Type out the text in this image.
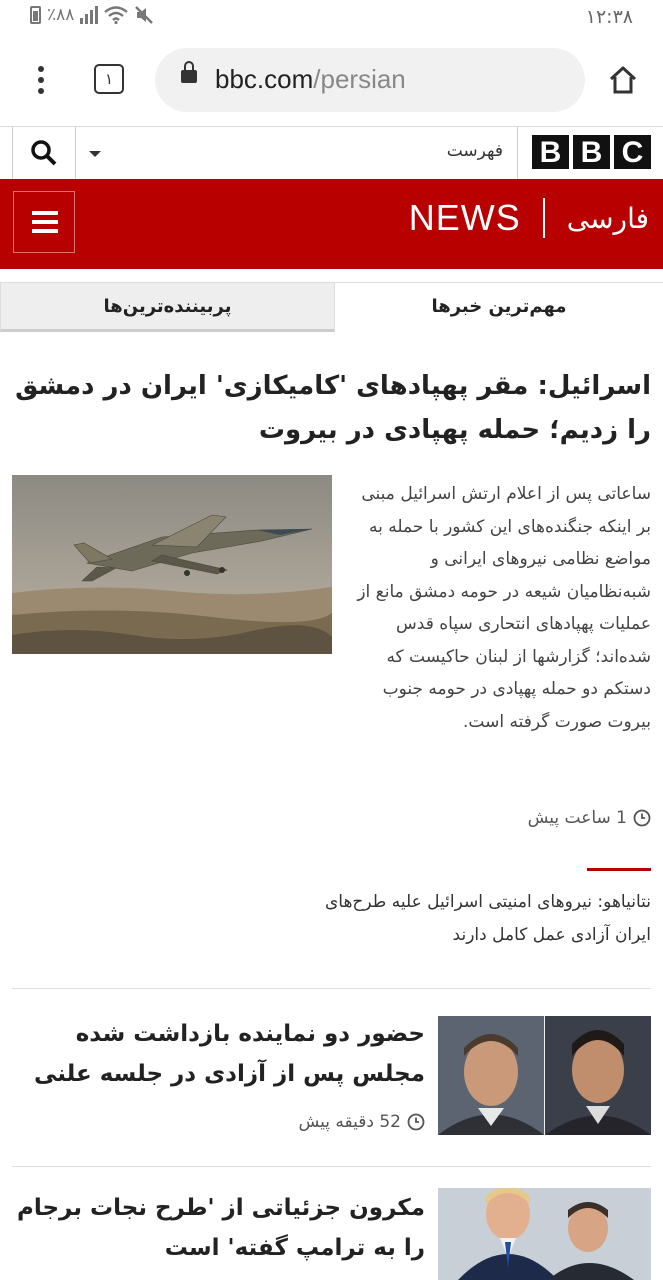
٪۸۸	۱۲:۳۸
۱	bbc.com/persian
فهرست B B C
NEWS فارسی
مهم‌ترین خبرها
پربیننده‌ترین‌ها
اسرائیل: مقر پهپادهای 'کامیکازی' ایران در دمشق را زدیم؛ حمله پهپادی در بیروت

ساعاتی پس از اعلام ارتش اسرائیل مبنی بر اینکه جنگنده‌های این کشور با حمله به مواضع نظامی نیروهای ایرانی و شبه‌نظامیان شیعه در حومه دمشق مانع از عملیات پهپادهای انتحاری سپاه قدس شده‌اند؛ گزارشها از لبنان حاکیست که دستکم دو حمله پهپادی در حومه جنوب بیروت صورت گرفته است.

1 ساعت پیش

نتانیاهو: نیروهای امنیتی اسرائیل علیه طرح‌های ایران آزادی عمل کامل دارند

حضور دو نماینده بازداشت شده مجلس پس از آزادی در جلسه علنی
52 دقیقه پیش
مکرون جزئیاتی از 'طرح نجات برجام را به ترامپ گفته' است
